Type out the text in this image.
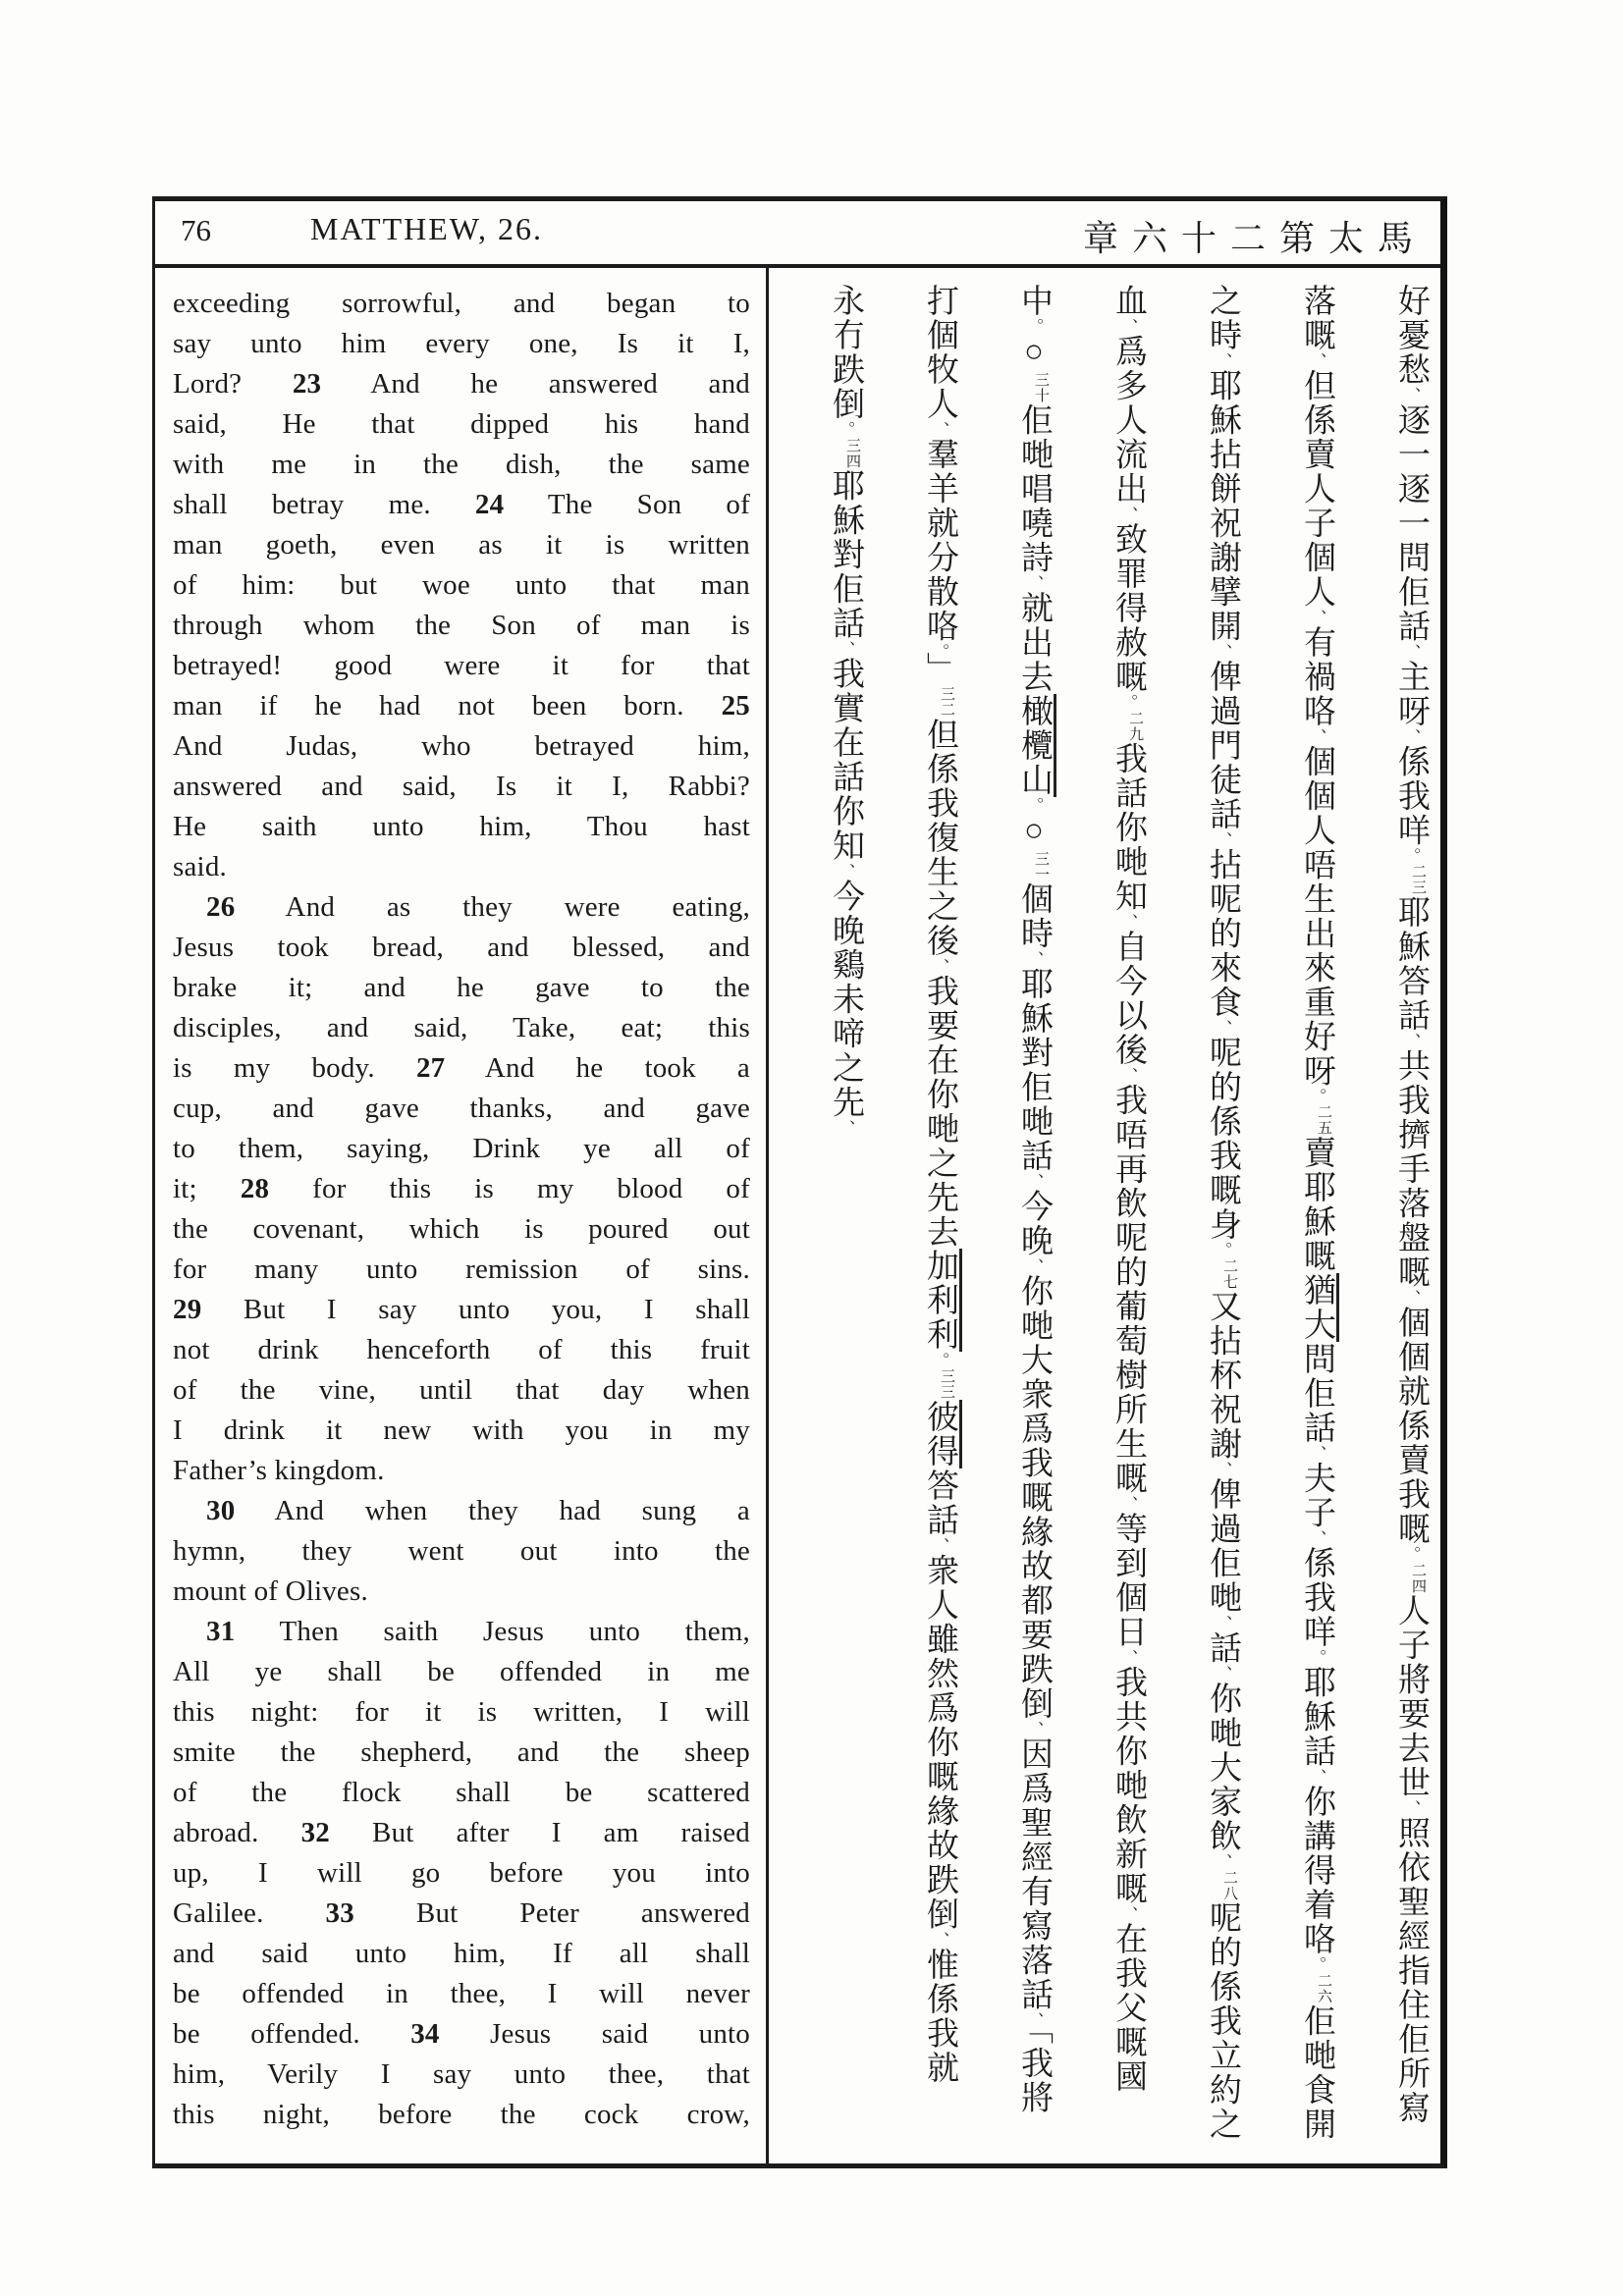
76	MATTHEW, 26.	章六十二第太馬
exceeding sorrowful, and began to
say unto him every one, Is it I,
Lord? 23 And he answered and
said, He that dipped his hand
with me in the dish, the same
shall betray me. 24 The Son of
man goeth, even as it is written
of him: but woe unto that man
through whom the Son of man is
betrayed! good were it for that
man if he had not been born. 25
And Judas, who betrayed him,
answered and said, Is it I, Rabbi?
He saith unto him, Thou hast
said.
26 And as they were eating,
Jesus took bread, and blessed, and
brake it; and he gave to the
disciples, and said, Take, eat; this
is my body. 27 And he took a
cup, and gave thanks, and gave
to them, saying, Drink ye all of
it; 28 for this is my blood of
the covenant, which is poured out
for many unto remission of sins.
29 But I say unto you, I shall
not drink henceforth of this fruit
of the vine, until that day when
I drink it new with you in my
Father’s kingdom.
30 And when they had sung a
hymn, they went out into the
mount of Olives.
31 Then saith Jesus unto them,
All ye shall be offended in me
this night: for it is written, I will
smite the shepherd, and the sheep
of the flock shall be scattered
abroad. 32 But after I am raised
up, I will go before you into
Galilee. 33 But Peter answered
and said unto him, If all shall
be offended in thee, I will never
be offended. 34 Jesus said unto
him, Verily I say unto thee, that
this night, before the cock crow,
好憂愁、逐一逐一問佢話、主呀、係我咩。二三耶穌答話、共我擠手落盤嘅、個個就係賣我嘅。二四人子將要去世、照依聖經指住佢所寫
落嘅、但係賣人子個人、有禍咯、個個人唔生出來重好呀。二五賣耶穌嘅猶大問佢話、夫子、係我咩。耶穌話、你講得着咯。二六佢哋食開
之時、耶穌拈餅祝謝擘開、俾過門徒話、拈呢的來食、呢的係我嘅身。二七又拈杯祝謝、俾過佢哋、話、你哋大家飲、二八呢的係我立約之
血、爲多人流出、致罪得赦嘅。二九我話你哋知、自今以後、我唔再飲呢的葡萄樹所生嘅、等到個日、我共你哋飲新嘅、在我父嘅國
中。○三十佢哋唱嘵詩、就出去橄欖山。○三一個時、耶穌對佢哋話、今晚、你哋大衆爲我嘅緣故都要跌倒、因爲聖經有寫落話、「我將
打個牧人、羣羊就分散咯。」三二但係我復生之後、我要在你哋之先去加利利。三三彼得答話、衆人雖然爲你嘅緣故跌倒、惟係我就
永冇跌倒。三四耶穌對佢話、我實在話你知、今晚鷄未啼之先、
